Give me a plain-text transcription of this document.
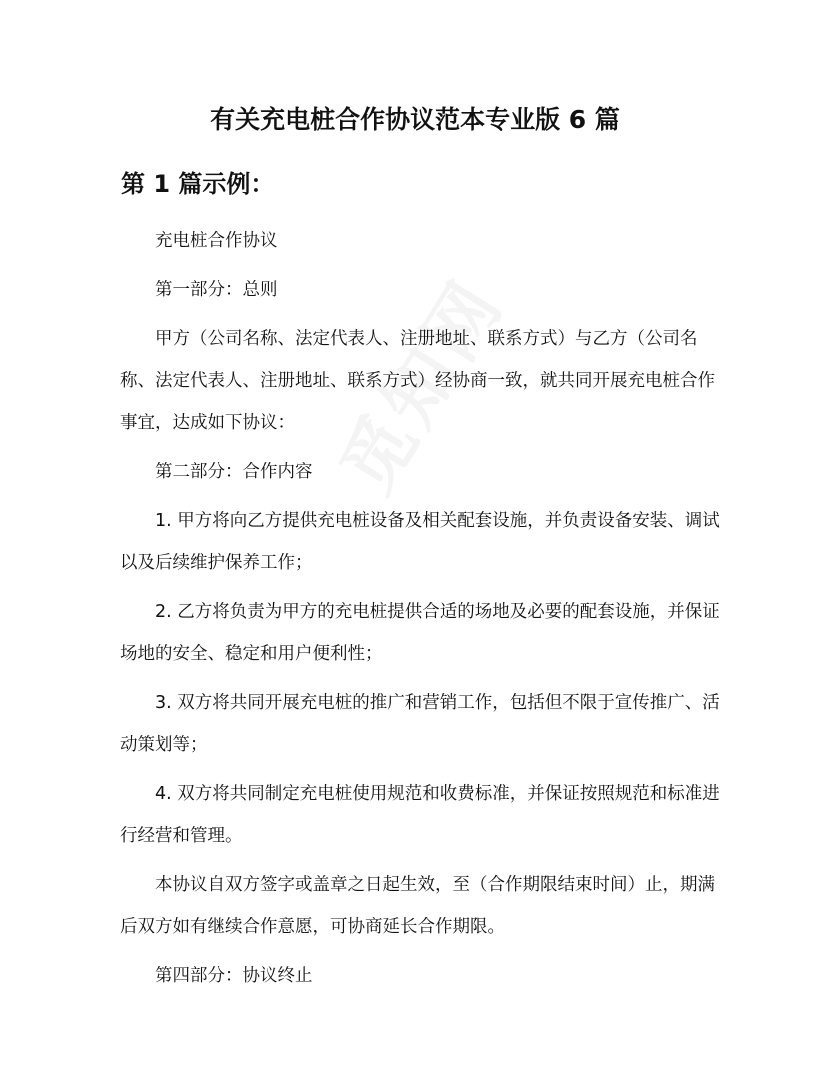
有关充电桩合作协议范本专业版 6 篇
第 1 篇示例：

充电桩合作协议

第一部分：总则

甲方（公司名称、法定代表人、注册地址、联系方式）与乙方（公司名称、法定代表人、注册地址、联系方式）经协商一致，就共同开展充电桩合作事宜，达成如下协议：

第二部分：合作内容

1. 甲方将向乙方提供充电桩设备及相关配套设施，并负责设备安装、调试以及后续维护保养工作；

2. 乙方将负责为甲方的充电桩提供合适的场地及必要的配套设施，并保证场地的安全、稳定和用户便利性；

3. 双方将共同开展充电桩的推广和营销工作，包括但不限于宣传推广、活动策划等；

4. 双方将共同制定充电桩使用规范和收费标准，并保证按照规范和标准进行经营和管理。

本协议自双方签字或盖章之日起生效，至（合作期限结束时间）止，期满后双方如有继续合作意愿，可协商延长合作期限。

第四部分：协议终止
